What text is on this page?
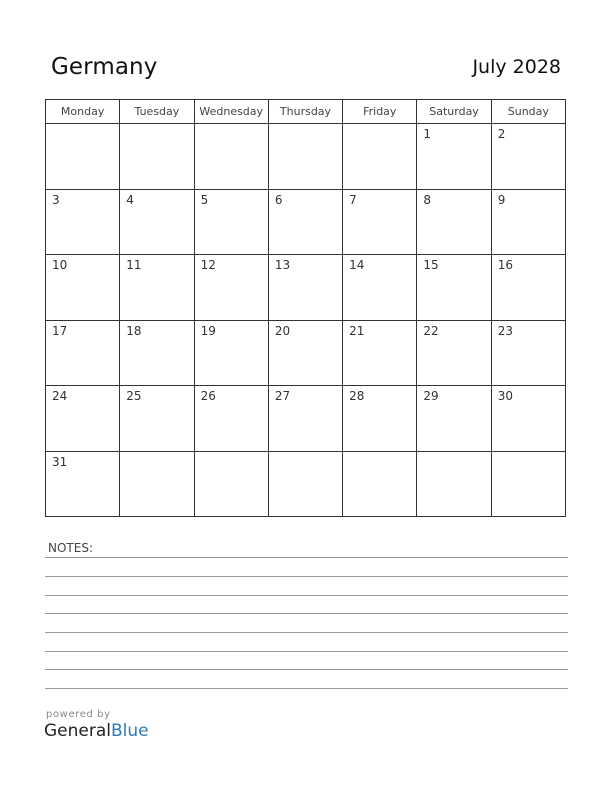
Germany	July 2028
Monday	Tuesday	Wednesday	Thursday	Friday	Saturday	Sunday

					1	2

3	4	5	6	7	8	9

10	11	12	13	14	15	16

17	18	19	20	21	22	23

24	25	26	27	28	29	30

31						

NOTES:
powered by
GeneralBlue
